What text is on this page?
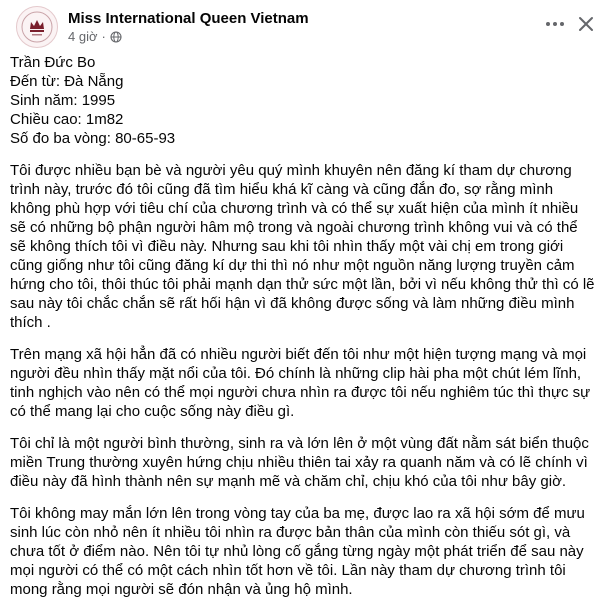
Miss International Queen Vietnam
4 giờ ·
Trần Đức Bo
Đến từ: Đà Nẵng
Sinh năm: 1995
Chiều cao: 1m82
Số đo ba vòng: 80-65-93

Tôi được nhiều bạn bè và người yêu quý mình khuyên nên đăng kí tham dự chương trình này, trước đó tôi cũng đã tìm hiểu khá kĩ càng và cũng đắn đo, sợ rằng mình không phù hợp với tiêu chí của chương trình và có thể sự xuất hiện của mình ít nhiều sẽ có những bộ phận người hâm mộ trong và ngoài chương trình không vui và có thể sẽ không thích tôi vì điều này. Nhưng sau khi tôi nhìn thấy một vài chị em trong giới cũng giống như tôi cũng đăng kí dự thi thì nó như một nguồn năng lượng truyền cảm hứng cho tôi, thôi thúc tôi phải mạnh dạn thử sức một lần, bởi vì nếu không thử thì có lẽ sau này tôi chắc chắn sẽ rất hối hận vì đã không được sống và làm những điều mình thích .

Trên mạng xã hội hẳn đã có nhiều người biết đến tôi như một hiện tượng mạng và mọi người đều nhìn thấy mặt nổi của tôi. Đó chính là những clip hài pha một chút lém lĩnh, tinh nghịch vào nên có thể mọi người chưa nhìn ra được tôi nếu nghiêm túc thì thực sự có thể mang lại cho cuộc sống này điều gì.

Tôi chỉ là một người bình thường, sinh ra và lớn lên ở một vùng đất nằm sát biển thuộc miền Trung thường xuyên hứng chịu nhiều thiên tai xảy ra quanh năm và có lẽ chính vì điều này đã hình thành nên sự mạnh mẽ và chăm chỉ, chịu khó của tôi như bây giờ.

Tôi không may mắn lớn lên trong vòng tay của ba mẹ, được lao ra xã hội sớm để mưu sinh lúc còn nhỏ nên ít nhiều tôi nhìn ra được bản thân của mình còn thiếu sót gì, và chưa tốt ở điểm nào. Nên tôi tự nhủ lòng cố gắng từng ngày một phát triển để sau này mọi người có thể có một cách nhìn tốt hơn về tôi. Lần này tham dự chương trình tôi mong rằng mọi người sẽ đón nhận và ủng hộ mình.
